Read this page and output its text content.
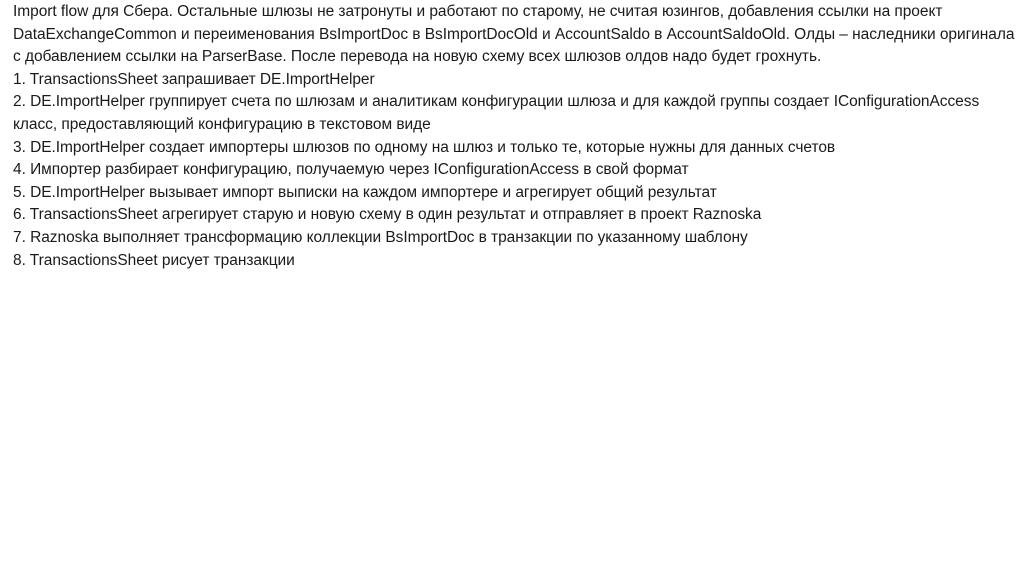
Import flow для Сбера. Остальные шлюзы не затронуты и работают по старому, не считая юзингов, добавления ссылки на проект DataExchangeCommon и переименования BsImportDoc в BsImportDocOld и AccountSaldo в AccountSaldoOld. Олды – наследники оригинала с добавлением ссылки на ParserBase. После перевода на новую схему всех шлюзов олдов надо будет грохнуть.

1. TransactionsSheet запрашивает DE.ImportHelper
2. DE.ImportHelper группирует счета по шлюзам и аналитикам конфигурации шлюза и для каждой группы создает IConfigurationAccess класс, предоставляющий конфигурацию в текстовом виде
3. DE.ImportHelper создает импортеры шлюзов по одному на шлюз и только те, которые нужны для данных счетов
4. Импортер разбирает конфигурацию, получаемую через IConfigurationAccess в свой формат
5. DE.ImportHelper вызывает импорт выписки на каждом импортере и агрегирует общий результат
6. TransactionsSheet агрегирует старую и новую схему в один результат и отправляет в проект Raznoska
7. Raznoska выполняет трансформацию коллекции BsImportDoc в транзакции по указанному шаблону
8. TransactionsSheet рисует транзакции
